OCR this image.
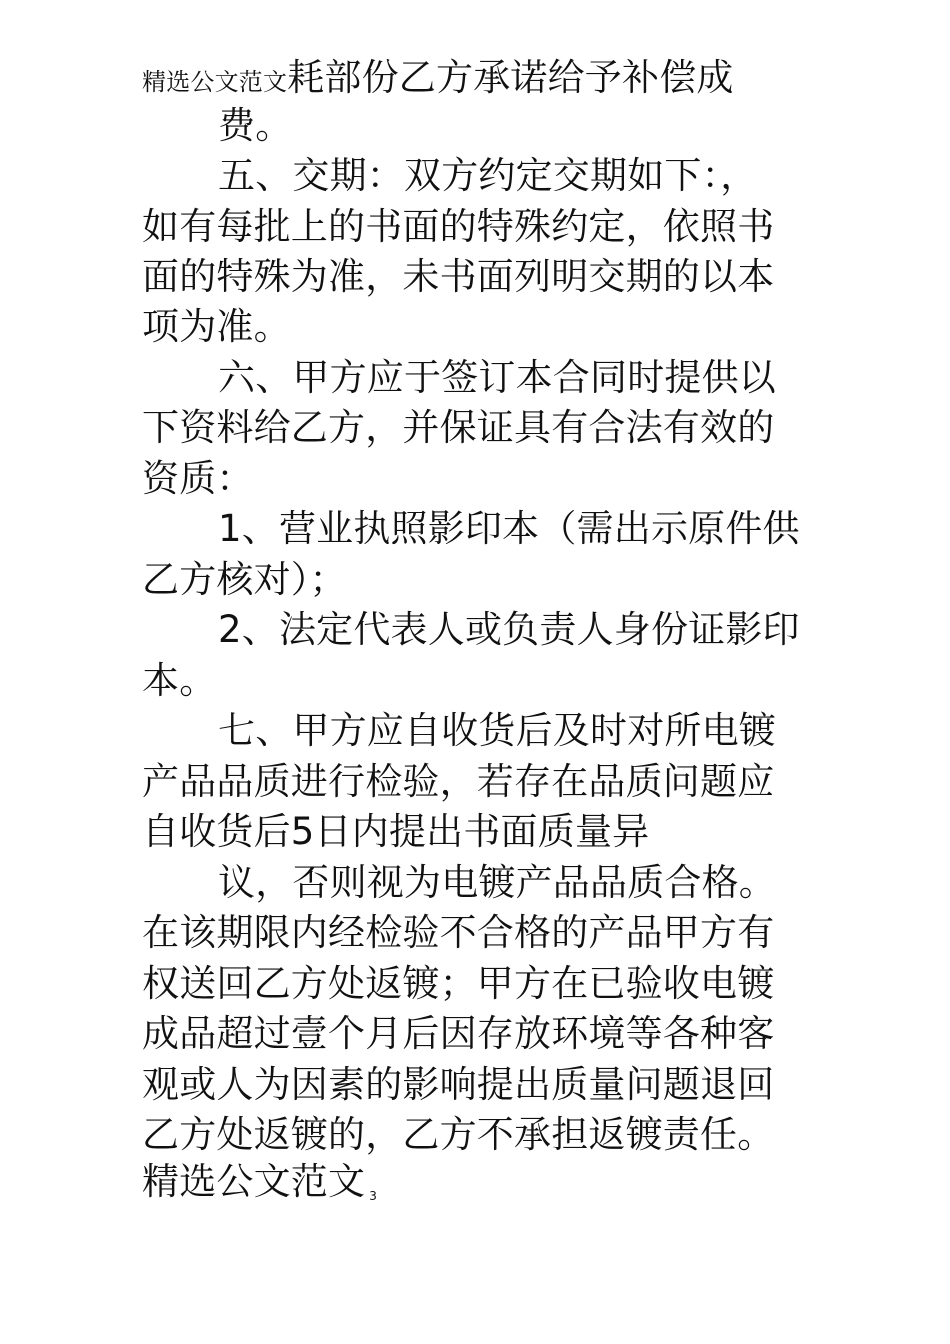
精选公文范文耗部份乙方承诺给予补偿成
费。
五、交期：双方约定交期如下：，
如有每批上的书面的特殊约定，依照书
面的特殊为准，未书面列明交期的以本
项为准。
六、甲方应于签订本合同时提供以
下资料给乙方，并保证具有合法有效的
资质：
1、营业执照影印本（需出示原件供
乙方核对）；
2、法定代表人或负责人身份证影印
本。
七、甲方应自收货后及时对所电镀
产品品质进行检验，若存在品质问题应
自收货后5日内提出书面质量异
议，否则视为电镀产品品质合格。
在该期限内经检验不合格的产品甲方有
权送回乙方处返镀；甲方在已验收电镀
成品超过壹个月后因存放环境等各种客
观或人为因素的影响提出质量问题退回
乙方处返镀的，乙方不承担返镀责任。
精选公文范文 3
